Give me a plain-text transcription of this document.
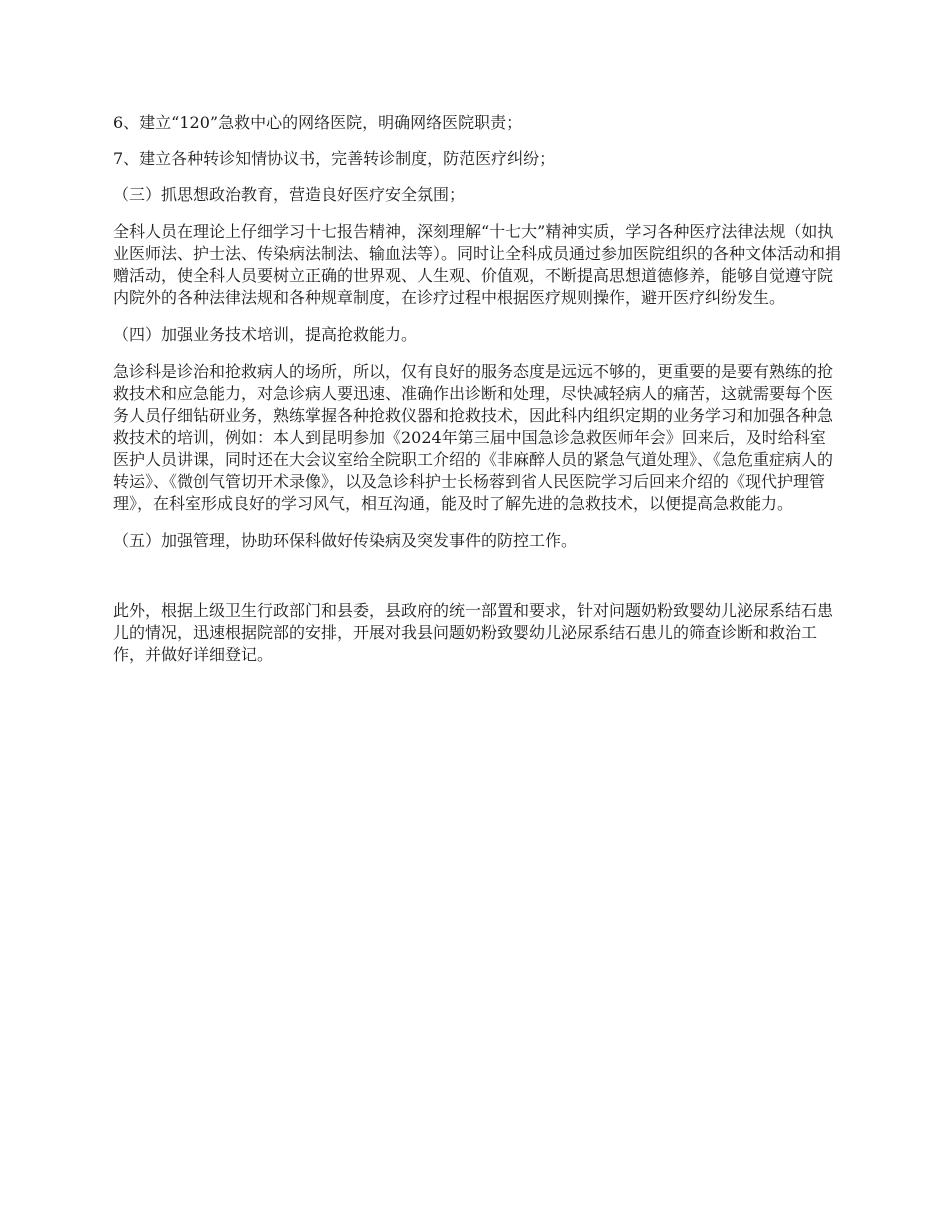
6、建立“120”急救中心的网络医院，明确网络医院职责；

7、建立各种转诊知情协议书，完善转诊制度，防范医疗纠纷；

（三）抓思想政治教育，营造良好医疗安全氛围；

全科人员在理论上仔细学习十七报告精神，深刻理解“十七大”精神实质，学习各种医疗法律法规（如执业医师法、护士法、传染病法制法、输血法等）。同时让全科成员通过参加医院组织的各种文体活动和捐赠活动，使全科人员要树立正确的世界观、人生观、价值观，不断提高思想道德修养，能够自觉遵守院内院外的各种法律法规和各种规章制度，在诊疗过程中根据医疗规则操作，避开医疗纠纷发生。

（四）加强业务技术培训，提高抢救能力。

急诊科是诊治和抢救病人的场所，所以，仅有良好的服务态度是远远不够的，更重要的是要有熟练的抢救技术和应急能力，对急诊病人要迅速、准确作出诊断和处理，尽快减轻病人的痛苦，这就需要每个医务人员仔细钻研业务，熟练掌握各种抢救仪器和抢救技术，因此科内组织定期的业务学习和加强各种急救技术的培训，例如：本人到昆明参加《2024年第三届中国急诊急救医师年会》回来后，及时给科室医护人员讲课，同时还在大会议室给全院职工介绍的《非麻醉人员的紧急气道处理》、《急危重症病人的转运》、《微创气管切开术录像》，以及急诊科护士长杨蓉到省人民医院学习后回来介绍的《现代护理管理》，在科室形成良好的学习风气，相互沟通，能及时了解先进的急救技术，以便提高急救能力。

（五）加强管理，协助环保科做好传染病及突发事件的防控工作。

此外，根据上级卫生行政部门和县委，县政府的统一部置和要求，针对问题奶粉致婴幼儿泌尿系结石患儿的情况，迅速根据院部的安排，开展对我县问题奶粉致婴幼儿泌尿系结石患儿的筛查诊断和救治工作，并做好详细登记。
